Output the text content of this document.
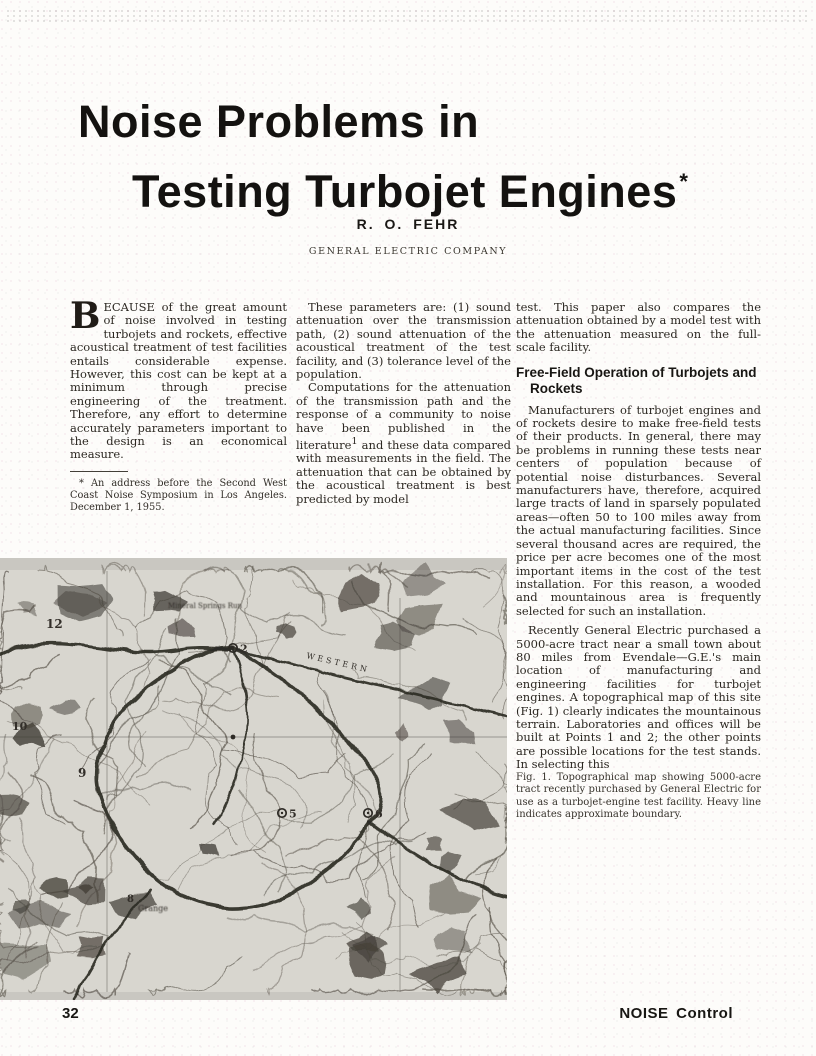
Noise Problems in
Testing Turbojet Engines*
R. O. FEHR
GENERAL ELECTRIC COMPANY

BECAUSE of the great amount of noise involved in testing turbojets and rockets, effective acoustical treatment of test facilities entails considerable expense. However, this cost can be kept at a minimum through precise engineering of the treatment. Therefore, any effort to determine accurately parameters important to the design is an economical measure.

* An address before the Second West Coast Noise Symposium in Los Angeles. December 1, 1955.

These parameters are: (1) sound attenuation over the transmission path, (2) sound attenuation of the acoustical treatment of the test facility, and (3) tolerance level of the population.

Computations for the attenuation of the transmission path and the response of a community to noise have been published in the literature$^1$ and these data compared with measurements in the field. The attenuation that can be obtained by the acoustical treatment is best predicted by model

test. This paper also compares the attenuation obtained by a model test with the attenuation measured on the full-scale facility.

Free-Field Operation of Turbojets and Rockets

Manufacturers of turbojet engines and of rockets desire to make free-field tests of their products. In general, there may be problems in running these tests near centers of population because of potential noise disturbances. Several manufacturers have, therefore, acquired large tracts of land in sparsely populated areas—often 50 to 100 miles away from the actual manufacturing facilities. Since several thousand acres are required, the price per acre becomes one of the most important items in the cost of the test installation. For this reason, a wooded and mountainous area is frequently selected for such an installation.

Recently General Electric purchased a 5000-acre tract near a small town about 80 miles from Evendale—G.E.'s main location of manufacturing and engineering facilities for turbojet engines. A topographical map of this site (Fig. 1) clearly indicates the mountainous terrain. Laboratories and offices will be built at Points 1 and 2; the other points are possible locations for the test stands. In selecting this

Fig. 1. Topographical map showing 5000-acre tract recently purchased by General Electric for use as a turbojet-engine test facility. Heavy line indicates approximate boundary.

2
5	6
12
10
9
8
WESTERN
Mineral Springs Run
Grange
32	NOISE Control
